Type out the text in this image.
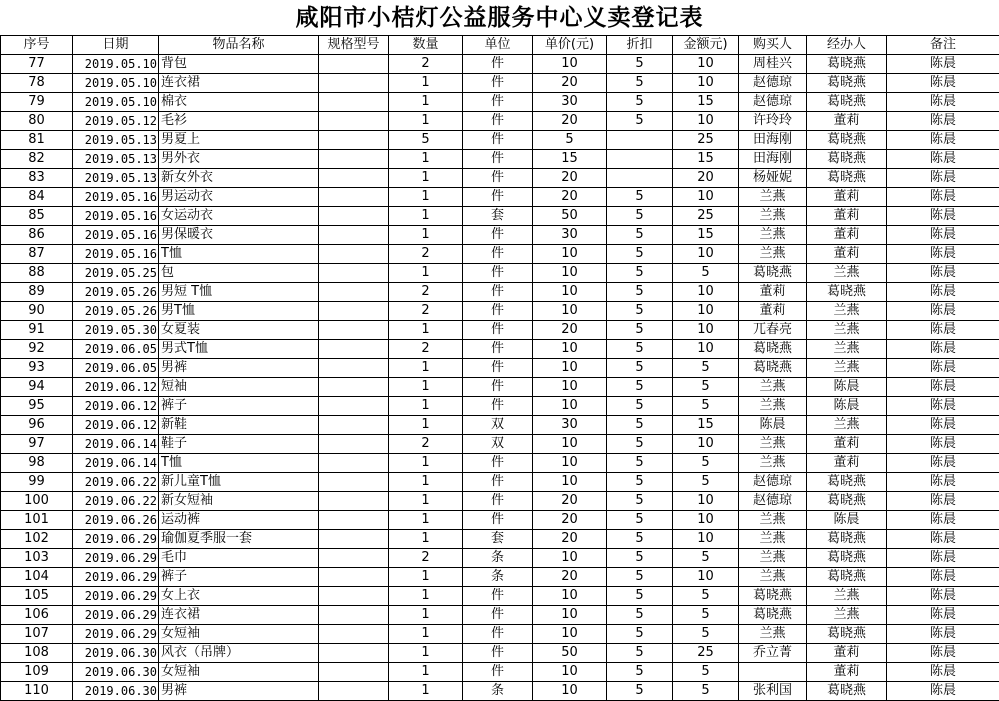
咸阳市小桔灯公益服务中心义卖登记表
序号	日期	物品名称	规格型号	数量	单位	单价(元)	折扣	金额元)	购买人	经办人	备注
77	2019.05.10	背包		2	件	10	5	10	周桂兴	葛晓燕	陈晨
78	2019.05.10	连衣裙		1	件	20	5	10	赵德琼	葛晓燕	陈晨
79	2019.05.10	棉衣		1	件	30	5	15	赵德琼	葛晓燕	陈晨
80	2019.05.12	毛衫		1	件	20	5	10	许玲玲	董莉	陈晨
81	2019.05.13	男夏上		5	件	5		25	田海刚	葛晓燕	陈晨
82	2019.05.13	男外衣		1	件	15		15	田海刚	葛晓燕	陈晨
83	2019.05.13	新女外衣		1	件	20		20	杨娅妮	葛晓燕	陈晨
84	2019.05.16	男运动衣		1	件	20	5	10	兰燕	董莉	陈晨
85	2019.05.16	女运动衣		1	套	50	5	25	兰燕	董莉	陈晨
86	2019.05.16	男保暖衣		1	件	30	5	15	兰燕	董莉	陈晨
87	2019.05.16	T恤		2	件	10	5	10	兰燕	董莉	陈晨
88	2019.05.25	包		1	件	10	5	5	葛晓燕	兰燕	陈晨
89	2019.05.26	男短 T恤		2	件	10	5	10	董莉	葛晓燕	陈晨
90	2019.05.26	男T恤		2	件	10	5	10	董莉	兰燕	陈晨
91	2019.05.30	女夏装		1	件	20	5	10	兀春亮	兰燕	陈晨
92	2019.06.05	男式T恤		2	件	10	5	10	葛晓燕	兰燕	陈晨
93	2019.06.05	男裤		1	件	10	5	5	葛晓燕	兰燕	陈晨
94	2019.06.12	短袖		1	件	10	5	5	兰燕	陈晨	陈晨
95	2019.06.12	裤子		1	件	10	5	5	兰燕	陈晨	陈晨
96	2019.06.12	新鞋		1	双	30	5	15	陈晨	兰燕	陈晨
97	2019.06.14	鞋子		2	双	10	5	10	兰燕	董莉	陈晨
98	2019.06.14	T恤		1	件	10	5	5	兰燕	董莉	陈晨
99	2019.06.22	新儿童T恤		1	件	10	5	5	赵德琼	葛晓燕	陈晨
100	2019.06.22	新女短袖		1	件	20	5	10	赵德琼	葛晓燕	陈晨
101	2019.06.26	运动裤		1	件	20	5	10	兰燕	陈晨	陈晨
102	2019.06.29	瑜伽夏季服一套		1	套	20	5	10	兰燕	葛晓燕	陈晨
103	2019.06.29	毛巾		2	条	10	5	5	兰燕	葛晓燕	陈晨
104	2019.06.29	裤子		1	条	20	5	10	兰燕	葛晓燕	陈晨
105	2019.06.29	女上衣		1	件	10	5	5	葛晓燕	兰燕	陈晨
106	2019.06.29	连衣裙		1	件	10	5	5	葛晓燕	兰燕	陈晨
107	2019.06.29	女短袖		1	件	10	5	5	兰燕	葛晓燕	陈晨
108	2019.06.30	风衣（吊牌）		1	件	50	5	25	乔立菁	董莉	陈晨
109	2019.06.30	女短袖		1	件	10	5	5		董莉	陈晨
110	2019.06.30	男裤		1	条	10	5	5	张利国	葛晓燕	陈晨
